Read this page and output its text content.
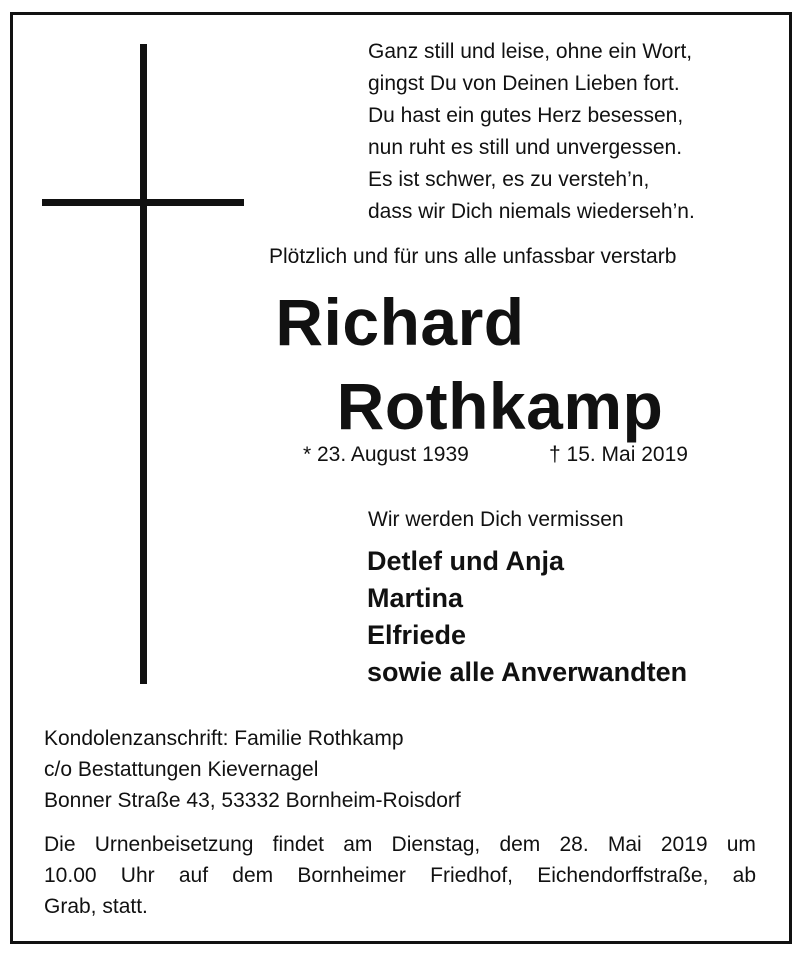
Ganz still und leise, ohne ein Wort,
gingst Du von Deinen Lieben fort.
Du hast ein gutes Herz besessen,
nun ruht es still und unvergessen.
Es ist schwer, es zu versteh’n,
dass wir Dich niemals wiederseh’n.
Plötzlich und für uns alle unfassbar verstarb
Richard
Rothkamp
* 23. August 1939	† 15. Mai 2019
Wir werden Dich vermissen
Detlef und Anja
Martina
Elfriede
sowie alle Anverwandten
Kondolenzanschrift: Familie Rothkamp
c/o Bestattungen Kievernagel
Bonner Straße 43, 53332 Bornheim-Roisdorf
Die Urnenbeisetzung findet am Dienstag, dem 28. Mai 2019 um
10.00 Uhr auf dem Bornheimer Friedhof, Eichendorffstraße, ab
Grab, statt.
